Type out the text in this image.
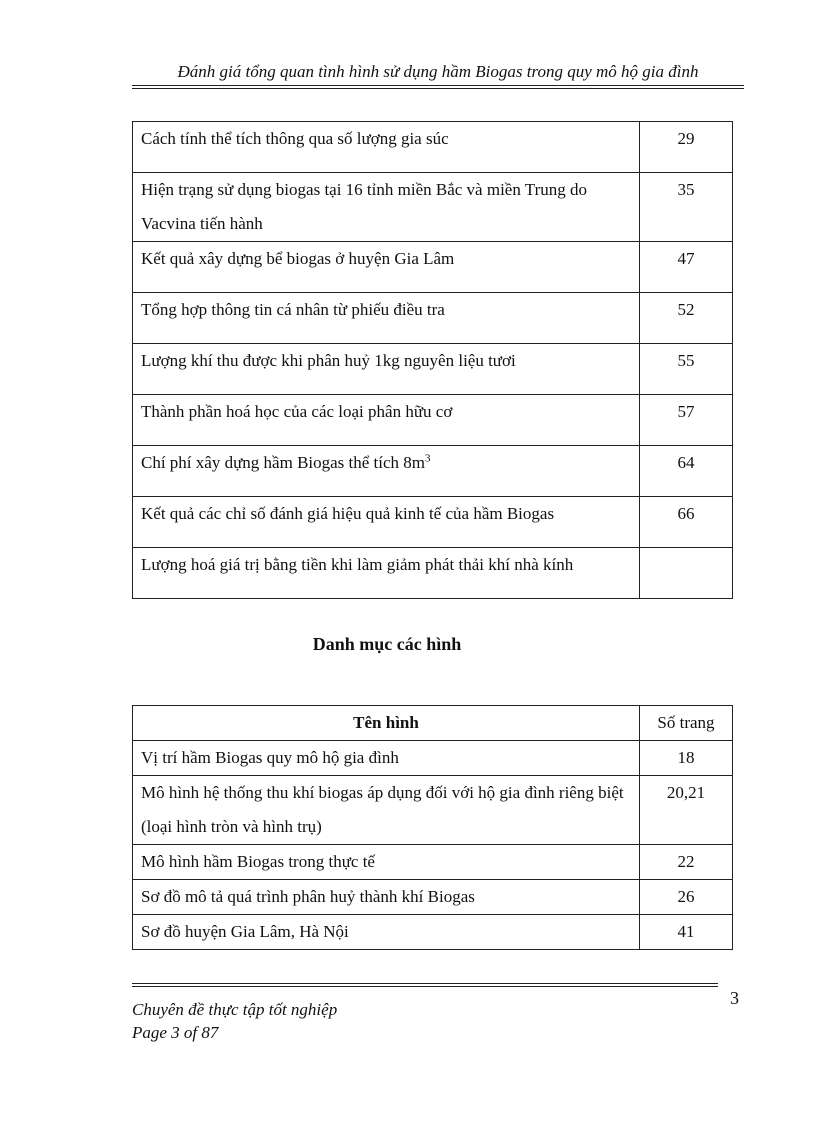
Đánh giá tổng quan tình hình sử dụng hầm Biogas trong quy mô hộ gia đình
Cách tính thể tích thông qua số lượng gia súc	29
Hiện trạng sử dụng biogas tại 16 tỉnh miền Bắc và miền Trung do Vacvina tiến hành	35
Kết quả xây dựng bể biogas ở huyện Gia Lâm	47
Tổng hợp thông tin cá nhân từ phiếu điều tra	52
Lượng khí thu được khi phân huỷ 1kg nguyên liệu tươi	55
Thành phần hoá học của các loại phân hữu cơ	57
Chí phí xây dựng hầm Biogas thể tích $8m^3$	64
Kết quả các chỉ số đánh giá hiệu quả kinh tế của hầm Biogas	66
Lượng hoá giá trị bằng tiền khi làm giảm phát thải khí nhà kính	
Danh mục các hình
Tên hình	Số trang
Vị trí hầm Biogas quy mô hộ gia đình	18
Mô hình hệ thống thu khí biogas áp dụng đối với hộ gia đình riêng biệt (loại hình tròn và hình trụ)	20,21
Mô hình hầm Biogas trong thực tế	22
Sơ đồ mô tả quá trình phân huỷ thành khí Biogas	26
Sơ đồ huyện Gia Lâm, Hà Nội	41
3
Chuyên đề thực tập tốt nghiệp
Page 3 of 87
